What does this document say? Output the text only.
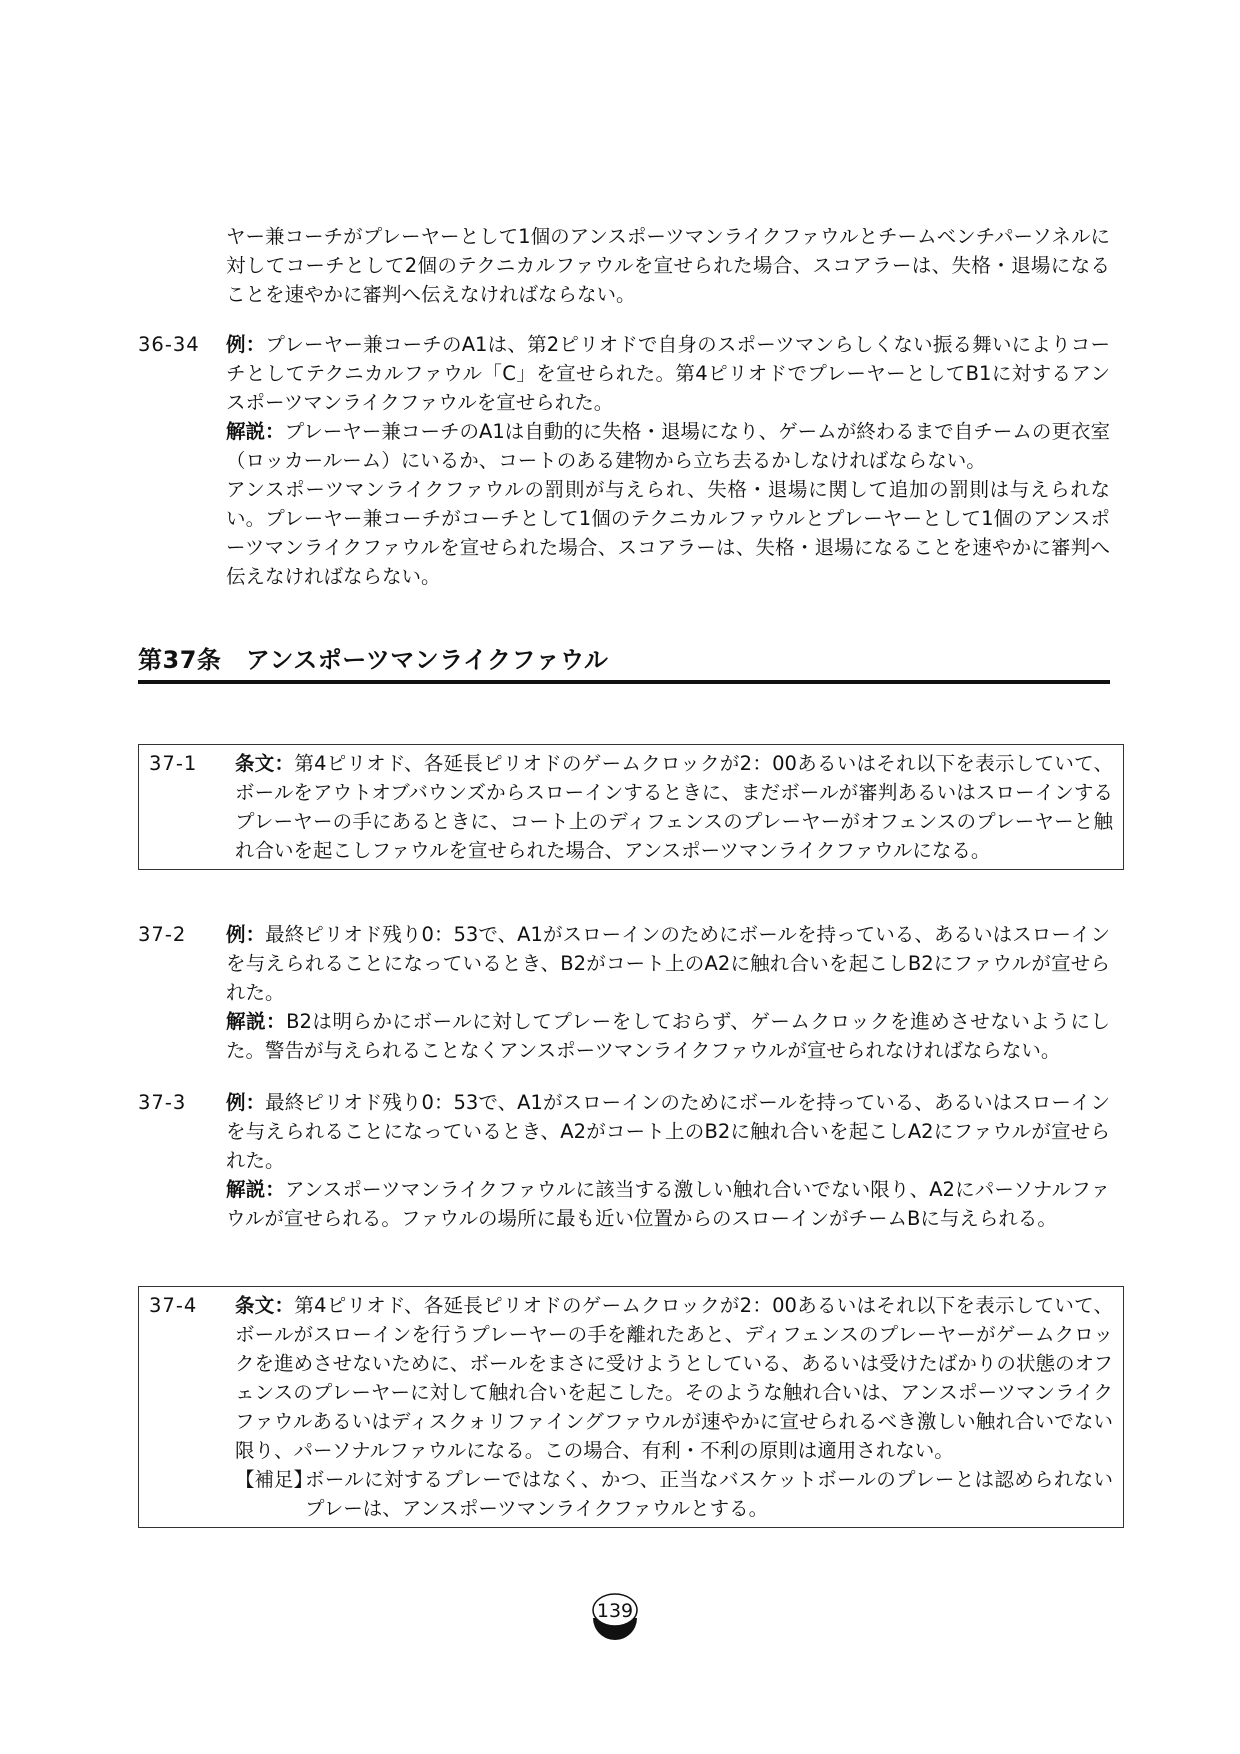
ヤー兼コーチがプレーヤーとして1個のアンスポーツマンライクファウルとチームベンチパーソネルに対してコーチとして2個のテクニカルファウルを宣せられた場合、スコアラーは、失格・退場になることを速やかに審判へ伝えなければならない。
36-34	例：プレーヤー兼コーチのA1は、第2ピリオドで自身のスポーツマンらしくない振る舞いによりコーチとしてテクニカルファウル「C」を宣せられた。第4ピリオドでプレーヤーとしてB1に対するアンスポーツマンライクファウルを宣せられた。

解説：プレーヤー兼コーチのA1は自動的に失格・退場になり、ゲームが終わるまで自チームの更衣室（ロッカールーム）にいるか、コートのある建物から立ち去るかしなければならない。

アンスポーツマンライクファウルの罰則が与えられ、失格・退場に関して追加の罰則は与えられない。プレーヤー兼コーチがコーチとして1個のテクニカルファウルとプレーヤーとして1個のアンスポーツマンライクファウルを宣せられた場合、スコアラーは、失格・退場になることを速やかに審判へ伝えなければならない。

第37条　アンスポーツマンライクファウル
37-1	条文：第4ピリオド、各延長ピリオドのゲームクロックが2：00あるいはそれ以下を表示していて、ボールをアウトオブバウンズからスローインするときに、まだボールが審判あるいはスローインするプレーヤーの手にあるときに、コート上のディフェンスのプレーヤーがオフェンスのプレーヤーと触れ合いを起こしファウルを宣せられた場合、アンスポーツマンライクファウルになる。

37-2	例：最終ピリオド残り0：53で、A1がスローインのためにボールを持っている、あるいはスローインを与えられることになっているとき、B2がコート上のA2に触れ合いを起こしB2にファウルが宣せられた。

解説：B2は明らかにボールに対してプレーをしておらず、ゲームクロックを進めさせないようにした。警告が与えられることなくアンスポーツマンライクファウルが宣せられなければならない。

37-3	例：最終ピリオド残り0：53で、A1がスローインのためにボールを持っている、あるいはスローインを与えられることになっているとき、A2がコート上のB2に触れ合いを起こしA2にファウルが宣せられた。

解説：アンスポーツマンライクファウルに該当する激しい触れ合いでない限り、A2にパーソナルファウルが宣せられる。ファウルの場所に最も近い位置からのスローインがチームBに与えられる。

37-4	条文：第4ピリオド、各延長ピリオドのゲームクロックが2：00あるいはそれ以下を表示していて、ボールがスローインを行うプレーヤーの手を離れたあと、ディフェンスのプレーヤーがゲームクロックを進めさせないために、ボールをまさに受けようとしている、あるいは受けたばかりの状態のオフェンスのプレーヤーに対して触れ合いを起こした。そのような触れ合いは、アンスポーツマンライクファウルあるいはディスクォリファイングファウルが速やかに宣せられるべき激しい触れ合いでない限り、パーソナルファウルになる。この場合、有利・不利の原則は適用されない。

【補足】
ボールに対するプレーではなく、かつ、正当なバスケットボールのプレーとは認められないプレーは、アンスポーツマンライクファウルとする。
139
